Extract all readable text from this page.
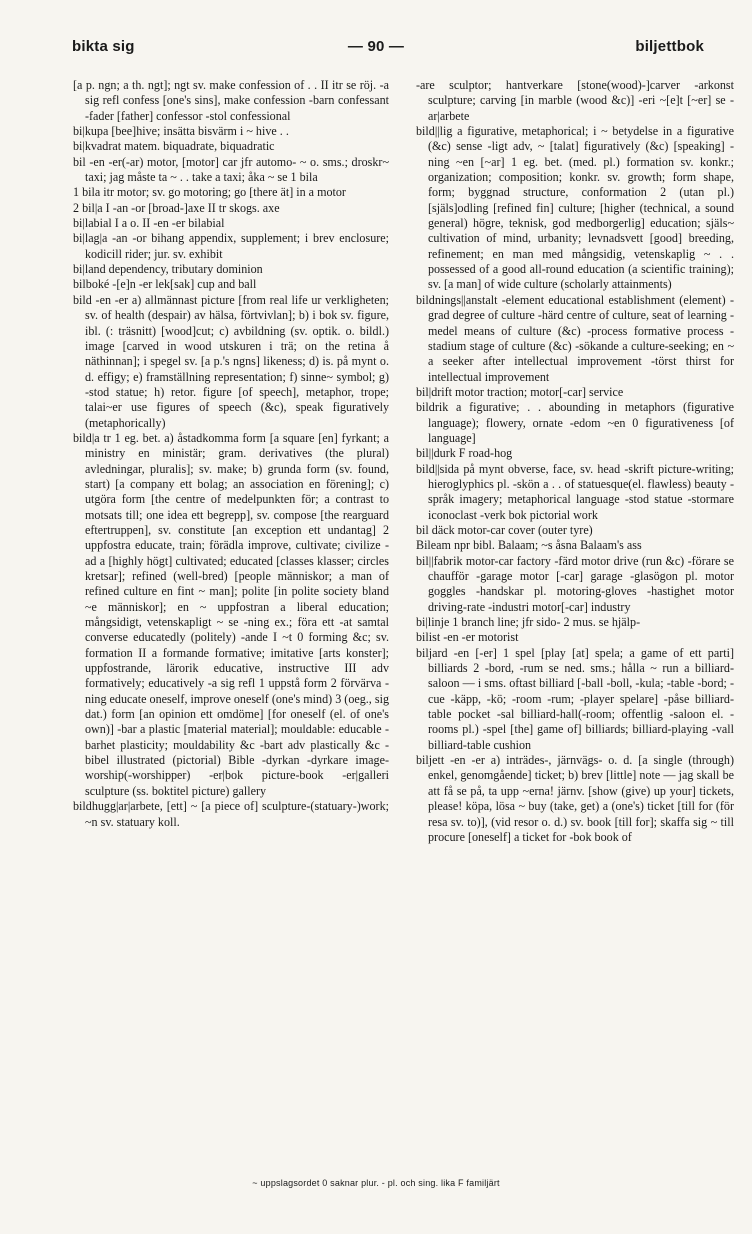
bikta sig	— 90 —	biljettbok

[a p. ngn; a th. ngt]; ngt sv. make confession of . . II itr se röj. -a sig refl confess [one's sins], make confession -barn confessant -fader [father] confessor -stol confessional

bi|kupa [bee]hive; insätta bisvärm i ~ hive . .

bi|kvadrat matem. biquadrate, biquadratic

bil -en -er(-ar) motor, [motor] car jfr automo- ~ o. sms.; droskr~ taxi; jag måste ta ~ . . take a taxi; åka ~ se 1 bila

1 bila itr motor; sv. go motoring; go [there ät] in a motor

2 bil|a I -an -or [broad-]axe II tr skogs. axe

bi|labial I a o. II -en -er bilabial

bi|lag|a -an -or bihang appendix, supplement; i brev enclosure; kodicill rider; jur. sv. exhibit

bi|land dependency, tributary dominion

bilboké -[e]n -er lek[sak] cup and ball

bild -en -er a) allmännast picture [from real life ur verkligheten; sv. of health (despair) av hälsa, förtvivlan]; b) i bok sv. figure, ibl. (: träsnitt) [wood]cut; c) avbildning (sv. optik. o. bildl.) image [carved in wood utskuren i trä; on the retina å näthinnan]; i spegel sv. [a p.'s ngns] likeness; d) is. på mynt o. d. effigy; e) framställning representation; f) sinne~ symbol; g) -stod statue; h) retor. figure [of speech], metaphor, trope; talai~er use figures of speech (&c), speak figuratively (metaphorically)

bild|a tr 1 eg. bet. a) åstadkomma form [a square [en] fyrkant; a ministry en ministär; gram. derivatives (the plural) avledningar, pluralis]; sv. make; b) grunda form (sv. found, start) [a company ett bolag; an association en förening]; c) utgöra form [the centre of medelpunkten för; a contrast to motsats till; one idea ett begrepp], sv. compose [the rearguard eftertruppen], sv. constitute [an exception ett undantag] 2 uppfostra educate, train; förädla improve, cultivate; civilize -ad a [highly högt] cultivated; educated [classes klasser; circles kretsar]; refined (well-bred) [people människor; a man of refined culture en fint ~ man]; polite [in polite society bland ~e människor]; en ~ uppfostran a liberal education; mångsidigt, vetenskapligt ~ se -ning ex.; föra ett -at samtal converse educatedly (politely) -ande I ~t 0 forming &c; sv. formation II a formande formative; imitative [arts konster]; uppfostrande, lärorik educative, instructive III adv formatively; educatively -a sig refl 1 uppstå form 2 förvärva -ning educate oneself, improve oneself (one's mind) 3 (oeg., sig dat.) form [an opinion ett omdöme] [for oneself (el. of one's own)] -bar a plastic [material material]; mouldable: educable -barhet plasticity; mouldability &c -bart adv plastically &c -bibel illustrated (pictorial) Bible -dyrkan -dyrkare image-worship(-worshipper) -er|bok picture-book -er|galleri sculpture (ss. boktitel picture) gallery

bildhugg|ar|arbete, [ett] ~ [a piece of] sculpture-(statuary-)work; ~n sv. statuary koll.

-are sculptor; hantverkare [stone(wood)-]carver -arkonst sculpture; carving [in marble (wood &c)] -eri ~[e]t [~er] se -ar|arbete

bild||lig a figurative, metaphorical; i ~ betydelse in a figurative (&c) sense -ligt adv, ~ [talat] figuratively (&c) [speaking] -ning ~en [~ar] 1 eg. bet. (med. pl.) formation sv. konkr.; organization; composition; konkr. sv. growth; form shape, form; byggnad structure, conformation 2 (utan pl.) [själs]odling [refined fin] culture; [higher (technical, a sound general) högre, teknisk, god medborgerlig] education; själs~ cultivation of mind, urbanity; levnadsvett [good] breeding, refinement; en man med mångsidig, vetenskaplig ~ . . possessed of a good all-round education (a scientific training); sv. [a man] of wide culture (scholarly attainments)

bildnings||anstalt -element educational establishment (element) -grad degree of culture -härd centre of culture, seat of learning -medel means of culture (&c) -process formative process -stadium stage of culture (&c) -sökande a culture-seeking; en ~ a seeker after intellectual improvement -törst thirst for intellectual improvement

bil|drift motor traction; motor[-car] service

bildrik a figurative; . . abounding in metaphors (figurative language); flowery, ornate -edom ~en 0 figurativeness [of language]

bil||durk F road-hog

bild||sida på mynt obverse, face, sv. head -skrift picture-writing; hieroglyphics pl. -skön a . . of statuesque(el. flawless) beauty -språk imagery; metaphorical language -stod statue -stormare iconoclast -verk bok pictorial work

bil däck motor-car cover (outer tyre)

Bileam npr bibl. Balaam; ~s åsna Balaam's ass

bil||fabrik motor-car factory -färd motor drive (run &c) -förare se chaufför -garage motor [-car] garage -glasögon pl. motor goggles -handskar pl. motoring-gloves -hastighet motor driving-rate -industri motor[-car] industry

bi|linje 1 branch line; jfr sido- 2 mus. se hjälp-

bilist -en -er motorist

biljard -en [-er] 1 spel [play [at] spela; a game of ett parti] billiards 2 -bord, -rum se ned. sms.; hålla ~ run a billiard-saloon — i sms. oftast billiard [-ball -boll, -kula; -table -bord; -cue -käpp, -kö; -room -rum; -player spelare] -påse billiard-table pocket -sal billiard-hall(-room; offentlig -saloon el. -rooms pl.) -spel [the] game of] billiards; billiard-playing -vall billiard-table cushion

biljett -en -er a) inträdes-, järnvägs- o. d. [a single (through) enkel, genomgående] ticket; b) brev [little] note — jag skall be att få se på, ta upp ~erna! järnv. [show (give) up your] tickets, please! köpa, lösa ~ buy (take, get) a (one's) ticket [till for (för resa sv. to)], (vid resor o. d.) sv. book [till for]; skaffa sig ~ till procure [oneself] a ticket for -bok book of

~ uppslagsordet 0 saknar plur. - pl. och sing. lika F familjärt
